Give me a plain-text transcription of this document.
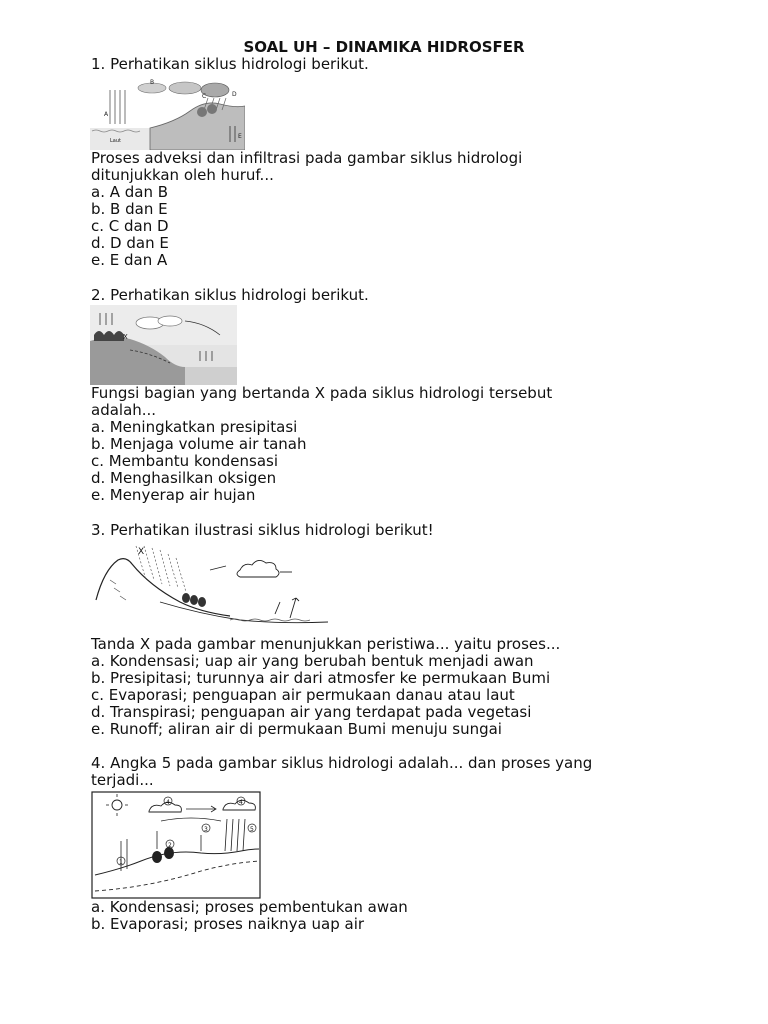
SOAL UH – DINAMIKA HIDROSFER
1. Perhatikan siklus hidrologi berikut.
B
C	D
A
E
Laut
Proses adveksi dan infiltrasi pada gambar siklus hidrologi
ditunjukkan oleh huruf...
a. A dan B
b. B dan E
c. C dan D
d. D dan E
e. E dan A
2. Perhatikan siklus hidrologi berikut.
X
Fungsi bagian yang bertanda X pada siklus hidrologi tersebut
adalah...
a. Meningkatkan presipitasi
b. Menjaga volume air tanah
c. Membantu kondensasi
d. Menghasilkan oksigen
e. Menyerap air hujan
3. Perhatikan ilustrasi siklus hidrologi berikut!
X
Tanda X pada gambar menunjukkan peristiwa... yaitu proses...
a. Kondensasi; uap air yang berubah bentuk menjadi awan
b. Presipitasi; turunnya air dari atmosfer ke permukaan Bumi
c. Evaporasi; penguapan air permukaan danau atau laut
d. Transpirasi; penguapan air yang terdapat pada vegetasi
e. Runoff; aliran air di permukaan Bumi menuju sungai
4. Angka 5 pada gambar siklus hidrologi adalah... dan proses yang
terjadi...
4	4
3	5
2
1
a. Kondensasi; proses pembentukan awan
b. Evaporasi; proses naiknya uap air
